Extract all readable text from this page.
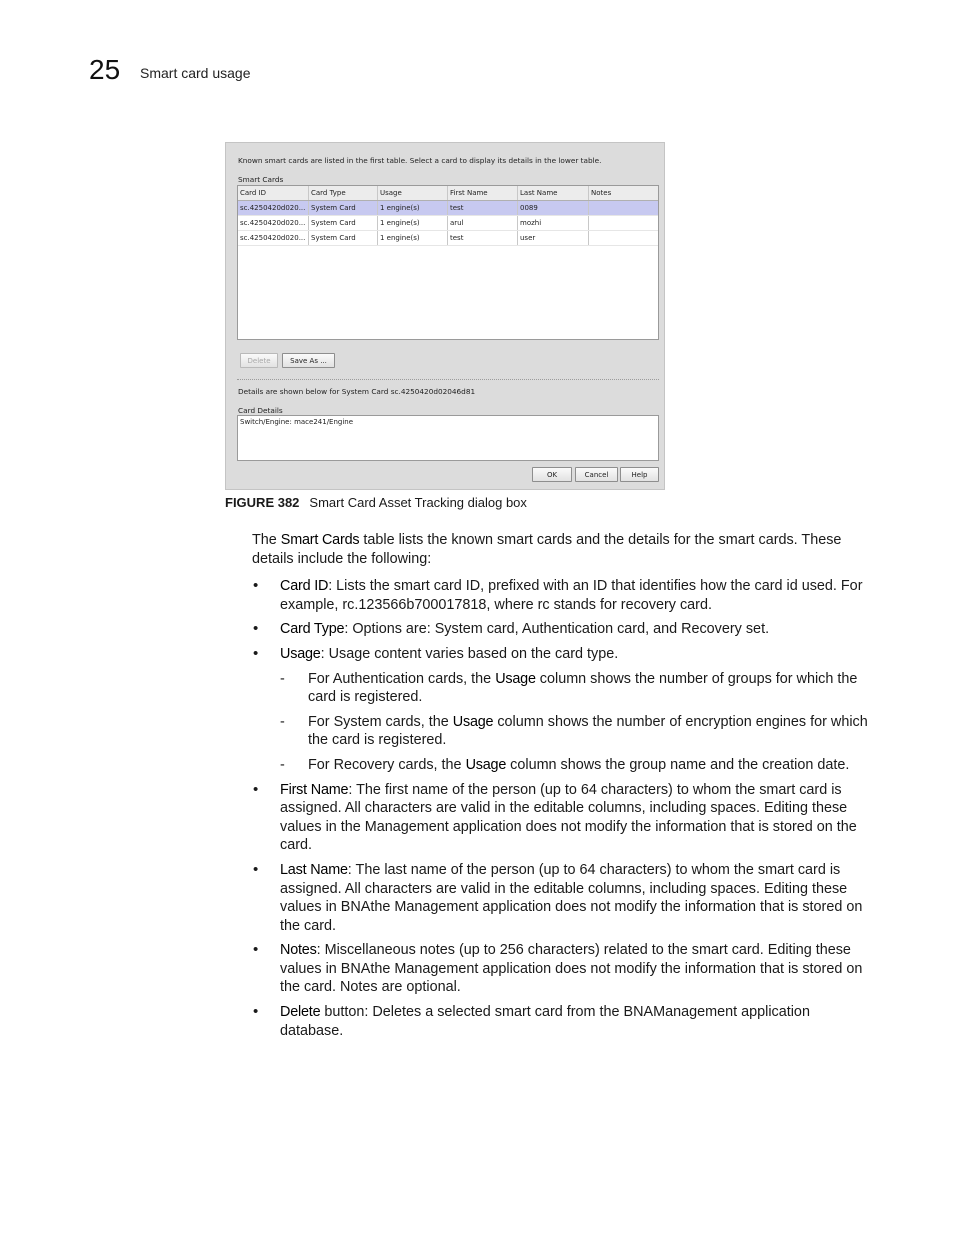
25 Smart card usage
Known smart cards are listed in the first table. Select a card to display its details in the lower table.
Smart Cards
Card ID	Card Type	Usage	First Name	Last Name	Notes
sc.4250420d020... System Card	1 engine(s)	test	0089
sc.4250420d020... System Card	1 engine(s)	arul	mozhi
sc.4250420d020... System Card	1 engine(s)	test	user
Delete	Save As ...
Details are shown below for System Card sc.4250420d02046d81
Card Details
Switch/Engine: mace241/Engine
OK	Cancel	Help
FIGURE 382 Smart Card Asset Tracking dialog box

The Smart Cards table lists the known smart cards and the details for the smart cards. These details include the following:

• Card ID: Lists the smart card ID, prefixed with an ID that identifies how the card id used. For example, rc.123566b700017818, where rc stands for recovery card.
• Card Type: Options are: System card, Authentication card, and Recovery set.
• Usage: Usage content varies based on the card type.
- For Authentication cards, the Usage column shows the number of groups for which the card is registered.
- For System cards, the Usage column shows the number of encryption engines for which the card is registered.
- For Recovery cards, the Usage column shows the group name and the creation date.
• First Name: The first name of the person (up to 64 characters) to whom the smart card is assigned. All characters are valid in the editable columns, including spaces. Editing these values in the Management application does not modify the information that is stored on the card.
• Last Name: The last name of the person (up to 64 characters) to whom the smart card is assigned. All characters are valid in the editable columns, including spaces. Editing these values in BNAthe Management application does not modify the information that is stored on the card.
• Notes: Miscellaneous notes (up to 256 characters) related to the smart card. Editing these values in BNAthe Management application does not modify the information that is stored on the card. Notes are optional.
• Delete button: Deletes a selected smart card from the BNAManagement application database.
